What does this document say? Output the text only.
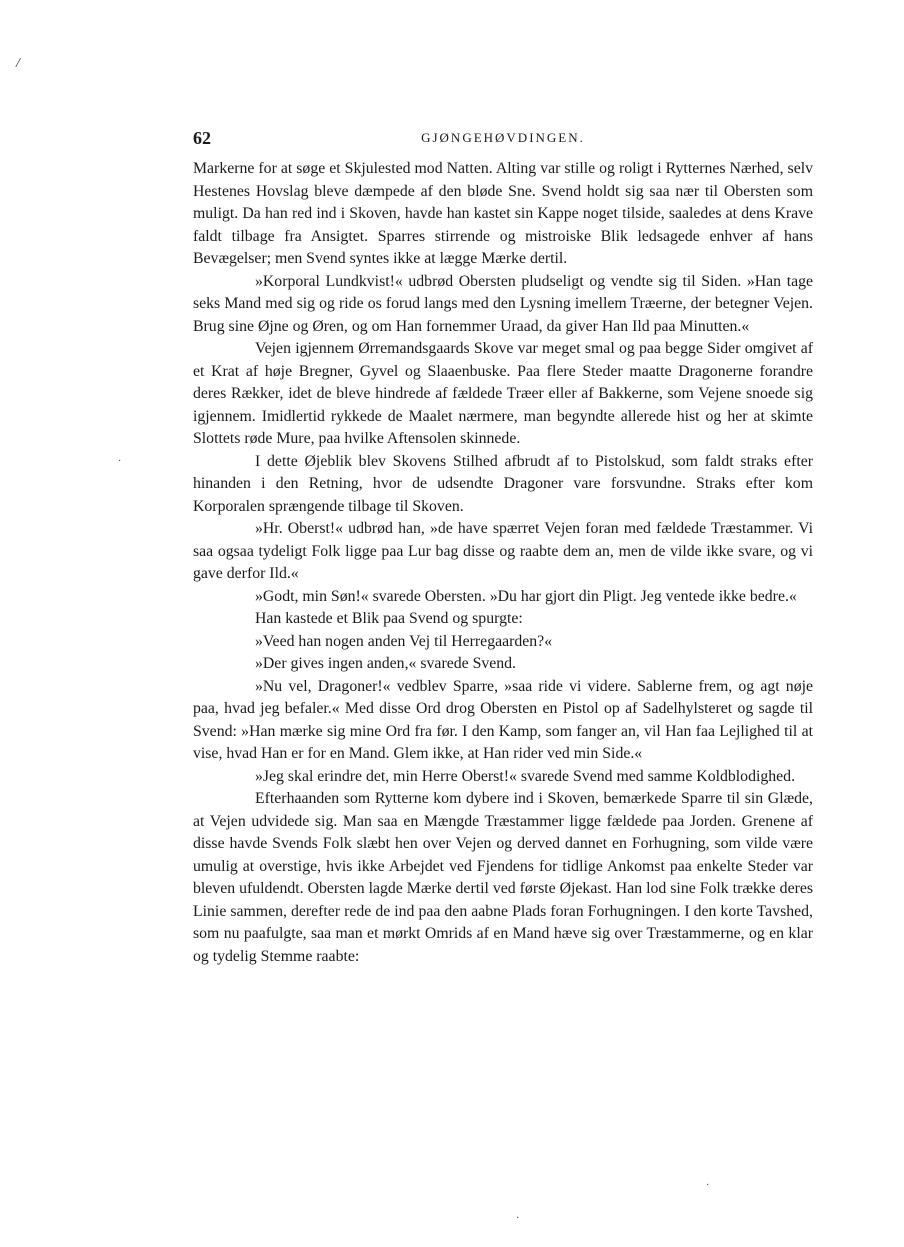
/
62	GJØNGEHØVDINGEN.

Markerne for at søge et Skjulested mod Natten. Alting var stille og roligt i Rytternes Nærhed, selv Hestenes Hovslag bleve dæmpede af den bløde Sne. Svend holdt sig saa nær til Obersten som muligt. Da han red ind i Skoven, havde han kastet sin Kappe noget tilside, saaledes at dens Krave faldt tilbage fra Ansigtet. Sparres stirrende og mistroiske Blik ledsagede enhver af hans Bevægelser; men Svend syntes ikke at lægge Mærke dertil.

»Korporal Lundkvist!« udbrød Obersten pludseligt og vendte sig til Siden. »Han tage seks Mand med sig og ride os forud langs med den Lysning imellem Træerne, der betegner Vejen. Brug sine Øjne og Øren, og om Han fornemmer Uraad, da giver Han Ild paa Minutten.«

Vejen igjennem Ørremandsgaards Skove var meget smal og paa begge Sider omgivet af et Krat af høje Bregner, Gyvel og Slaaenbuske. Paa flere Steder maatte Dragonerne forandre deres Rækker, idet de bleve hindrede af fældede Træer eller af Bakkerne, som Vejene snoede sig igjennem. Imidlertid rykkede de Maalet nærmere, man begyndte allerede hist og her at skimte Slottets røde Mure, paa hvilke Aftensolen skinnede.

I dette Øjeblik blev Skovens Stilhed afbrudt af to Pistolskud, som faldt straks efter hinanden i den Retning, hvor de udsendte Dragoner vare forsvundne. Straks efter kom Korporalen sprængende tilbage til Skoven.

»Hr. Oberst!« udbrød han, »de have spærret Vejen foran med fældede Træstammer. Vi saa ogsaa tydeligt Folk ligge paa Lur bag disse og raabte dem an, men de vilde ikke svare, og vi gave derfor Ild.«

»Godt, min Søn!« svarede Obersten. »Du har gjort din Pligt. Jeg ventede ikke bedre.«

Han kastede et Blik paa Svend og spurgte:

»Veed han nogen anden Vej til Herregaarden?«

»Der gives ingen anden,« svarede Svend.

»Nu vel, Dragoner!« vedblev Sparre, »saa ride vi videre. Sablerne frem, og agt nøje paa, hvad jeg befaler.« Med disse Ord drog Obersten en Pistol op af Sadelhylsteret og sagde til Svend: »Han mærke sig mine Ord fra før. I den Kamp, som fanger an, vil Han faa Lejlighed til at vise, hvad Han er for en Mand. Glem ikke, at Han rider ved min Side.«

»Jeg skal erindre det, min Herre Oberst!« svarede Svend med samme Koldblodighed.

Efterhaanden som Rytterne kom dybere ind i Skoven, bemærkede Sparre til sin Glæde, at Vejen udvidede sig. Man saa en Mængde Træstammer ligge fældede paa Jorden. Grenene af disse havde Svends Folk slæbt hen over Vejen og derved dannet en Forhugning, som vilde være umulig at overstige, hvis ikke Arbejdet ved Fjendens for tidlige Ankomst paa enkelte Steder var bleven ufuldendt. Obersten lagde Mærke dertil ved første Øjekast. Han lod sine Folk trække deres Linie sammen, derefter rede de ind paa den aabne Plads foran Forhugningen. I den korte Tavshed, som nu paafulgte, saa man et mørkt Omrids af en Mand hæve sig over Træstammerne, og en klar og tydelig Stemme raabte:

·
·
·
